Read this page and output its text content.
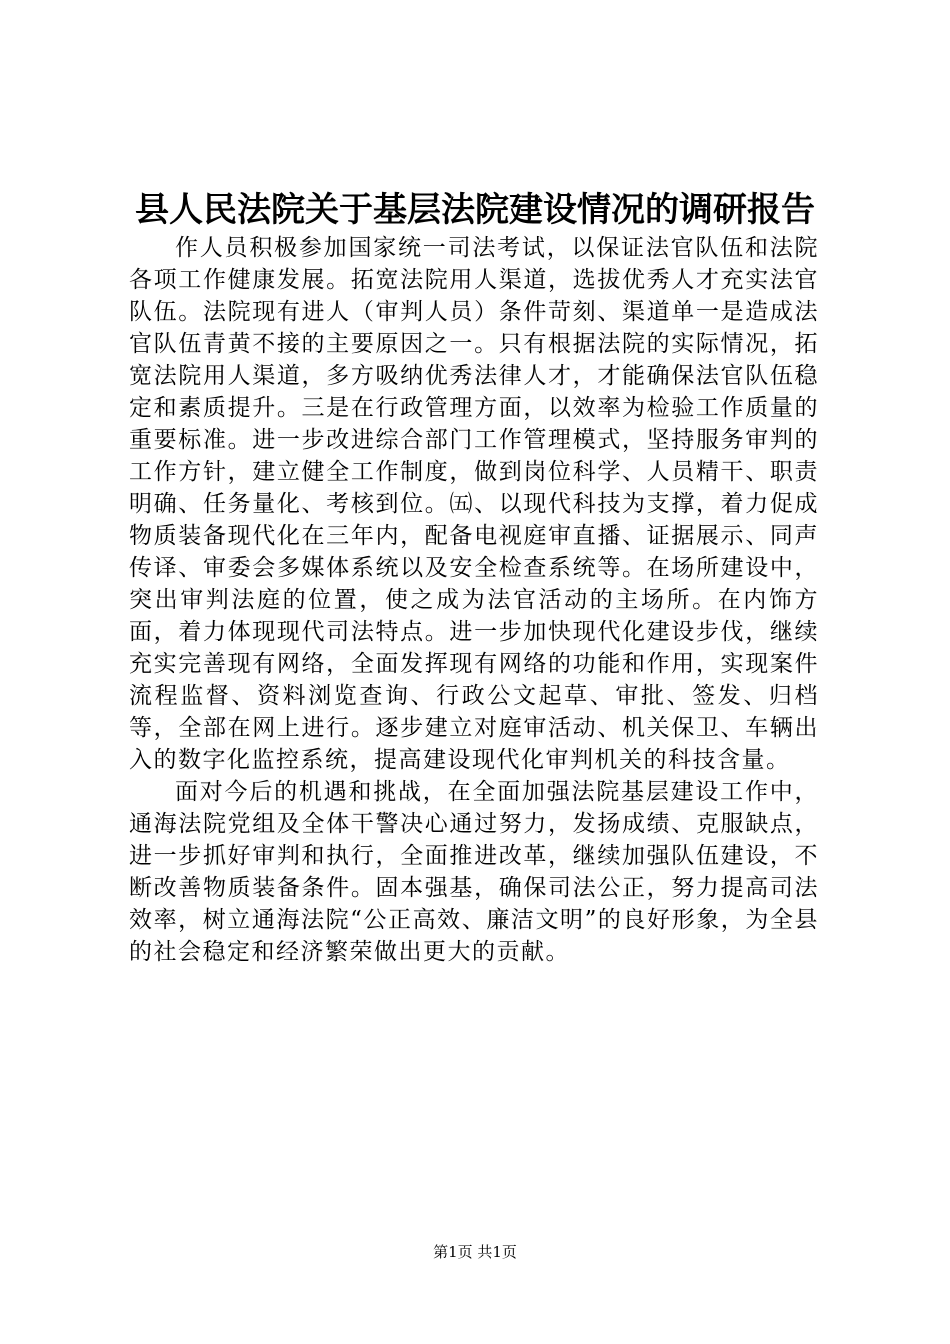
县人民法院关于基层法院建设情况的调研报告

作人员积极参加国家统一司法考试，以保证法官队伍和法院各项工作健康发展。拓宽法院用人渠道，选拔优秀人才充实法官队伍。法院现有进人（审判人员）条件苛刻、渠道单一是造成法官队伍青黄不接的主要原因之一。只有根据法院的实际情况，拓宽法院用人渠道，多方吸纳优秀法律人才，才能确保法官队伍稳定和素质提升。三是在行政管理方面，以效率为检验工作质量的重要标准。进一步改进综合部门工作管理模式，坚持服务审判的工作方针，建立健全工作制度，做到岗位科学、人员精干、职责明确、任务量化、考核到位。㈤、以现代科技为支撑，着力促成物质装备现代化在三年内，配备电视庭审直播、证据展示、同声传译、审委会多媒体系统以及安全检查系统等。在场所建设中，突出审判法庭的位置，使之成为法官活动的主场所。在内饰方面，着力体现现代司法特点。进一步加快现代化建设步伐，继续充实完善现有网络，全面发挥现有网络的功能和作用，实现案件流程监督、资料浏览查询、行政公文起草、审批、签发、归档等，全部在网上进行。逐步建立对庭审活动、机关保卫、车辆出入的数字化监控系统，提高建设现代化审判机关的科技含量。

面对今后的机遇和挑战，在全面加强法院基层建设工作中，通海法院党组及全体干警决心通过努力，发扬成绩、克服缺点，进一步抓好审判和执行，全面推进改革，继续加强队伍建设，不断改善物质装备条件。固本强基，确保司法公正，努力提高司法效率，树立通海法院“公正高效、廉洁文明”的良好形象，为全县的社会稳定和经济繁荣做出更大的贡献。

第1页 共1页
